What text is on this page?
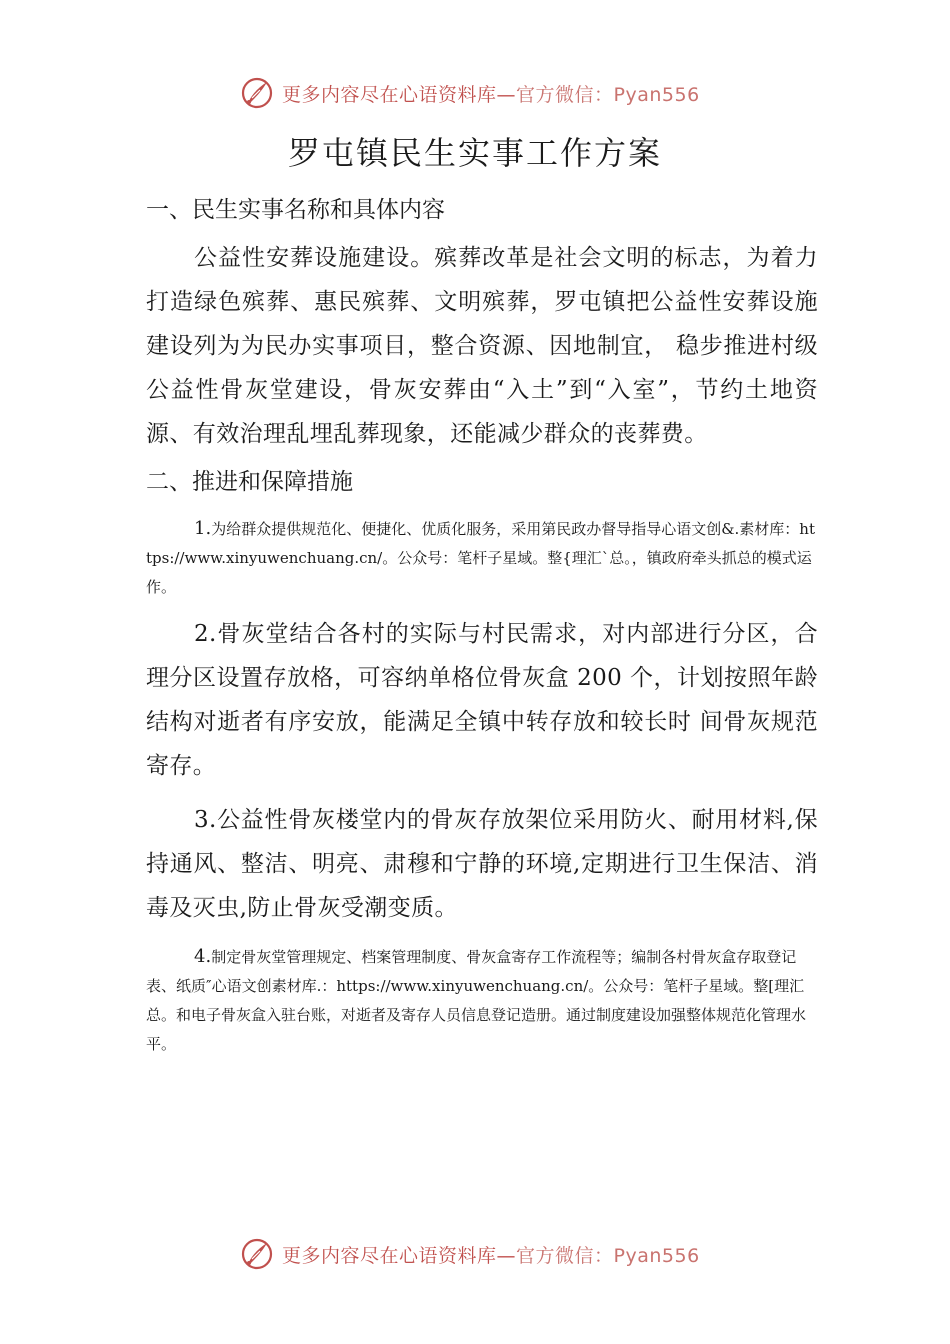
更多内容尽在心语资料库—官方微信：Pyan556
罗屯镇民生实事工作方案

一、民生实事名称和具体内容

公益性安葬设施建设。殡葬改革是社会文明的标志，为着力打造绿色殡葬、惠民殡葬、文明殡葬，罗屯镇把公益性安葬设施建设列为为民办实事项目，整合资源、因地制宜， 稳步推进村级公益性骨灰堂建设，骨灰安葬由“入土”到“入室”，节约土地资源、有效治理乱埋乱葬现象，还能减少群众的丧葬费。

二、推进和保障措施

1.为给群众提供规范化、便捷化、优质化服务，采用第民政办督导指导心语文创&.素材库：https://www.xinyuwenchuang.cn/。公众号：笔杆子星域。整{理汇`总。，镇政府牵头抓总的模式运作。

2.骨灰堂结合各村的实际与村民需求，对内部进行分区，合理分区设置存放格，可容纳单格位骨灰盒 200 个，计划按照年龄结构对逝者有序安放，能满足全镇中转存放和较长时 间骨灰规范寄存。

3.公益性骨灰楼堂内的骨灰存放架位采用防火、耐用材料,保持通风、整洁、明亮、肃穆和宁静的环境,定期进行卫生保洁、消毒及灭虫,防止骨灰受潮变质。

4.制定骨灰堂管理规定、档案管理制度、骨灰盒寄存工作流程等；编制各村骨灰盒存取登记表、纸质″心语文创素材库.：https://www.xinyuwenchuang.cn/。公众号：笔杆子星域。整[理汇总。和电子骨灰盒入驻台账，对逝者及寄存人员信息登记造册。通过制度建设加强整体规范化管理水平。

更多内容尽在心语资料库—官方微信：Pyan556
